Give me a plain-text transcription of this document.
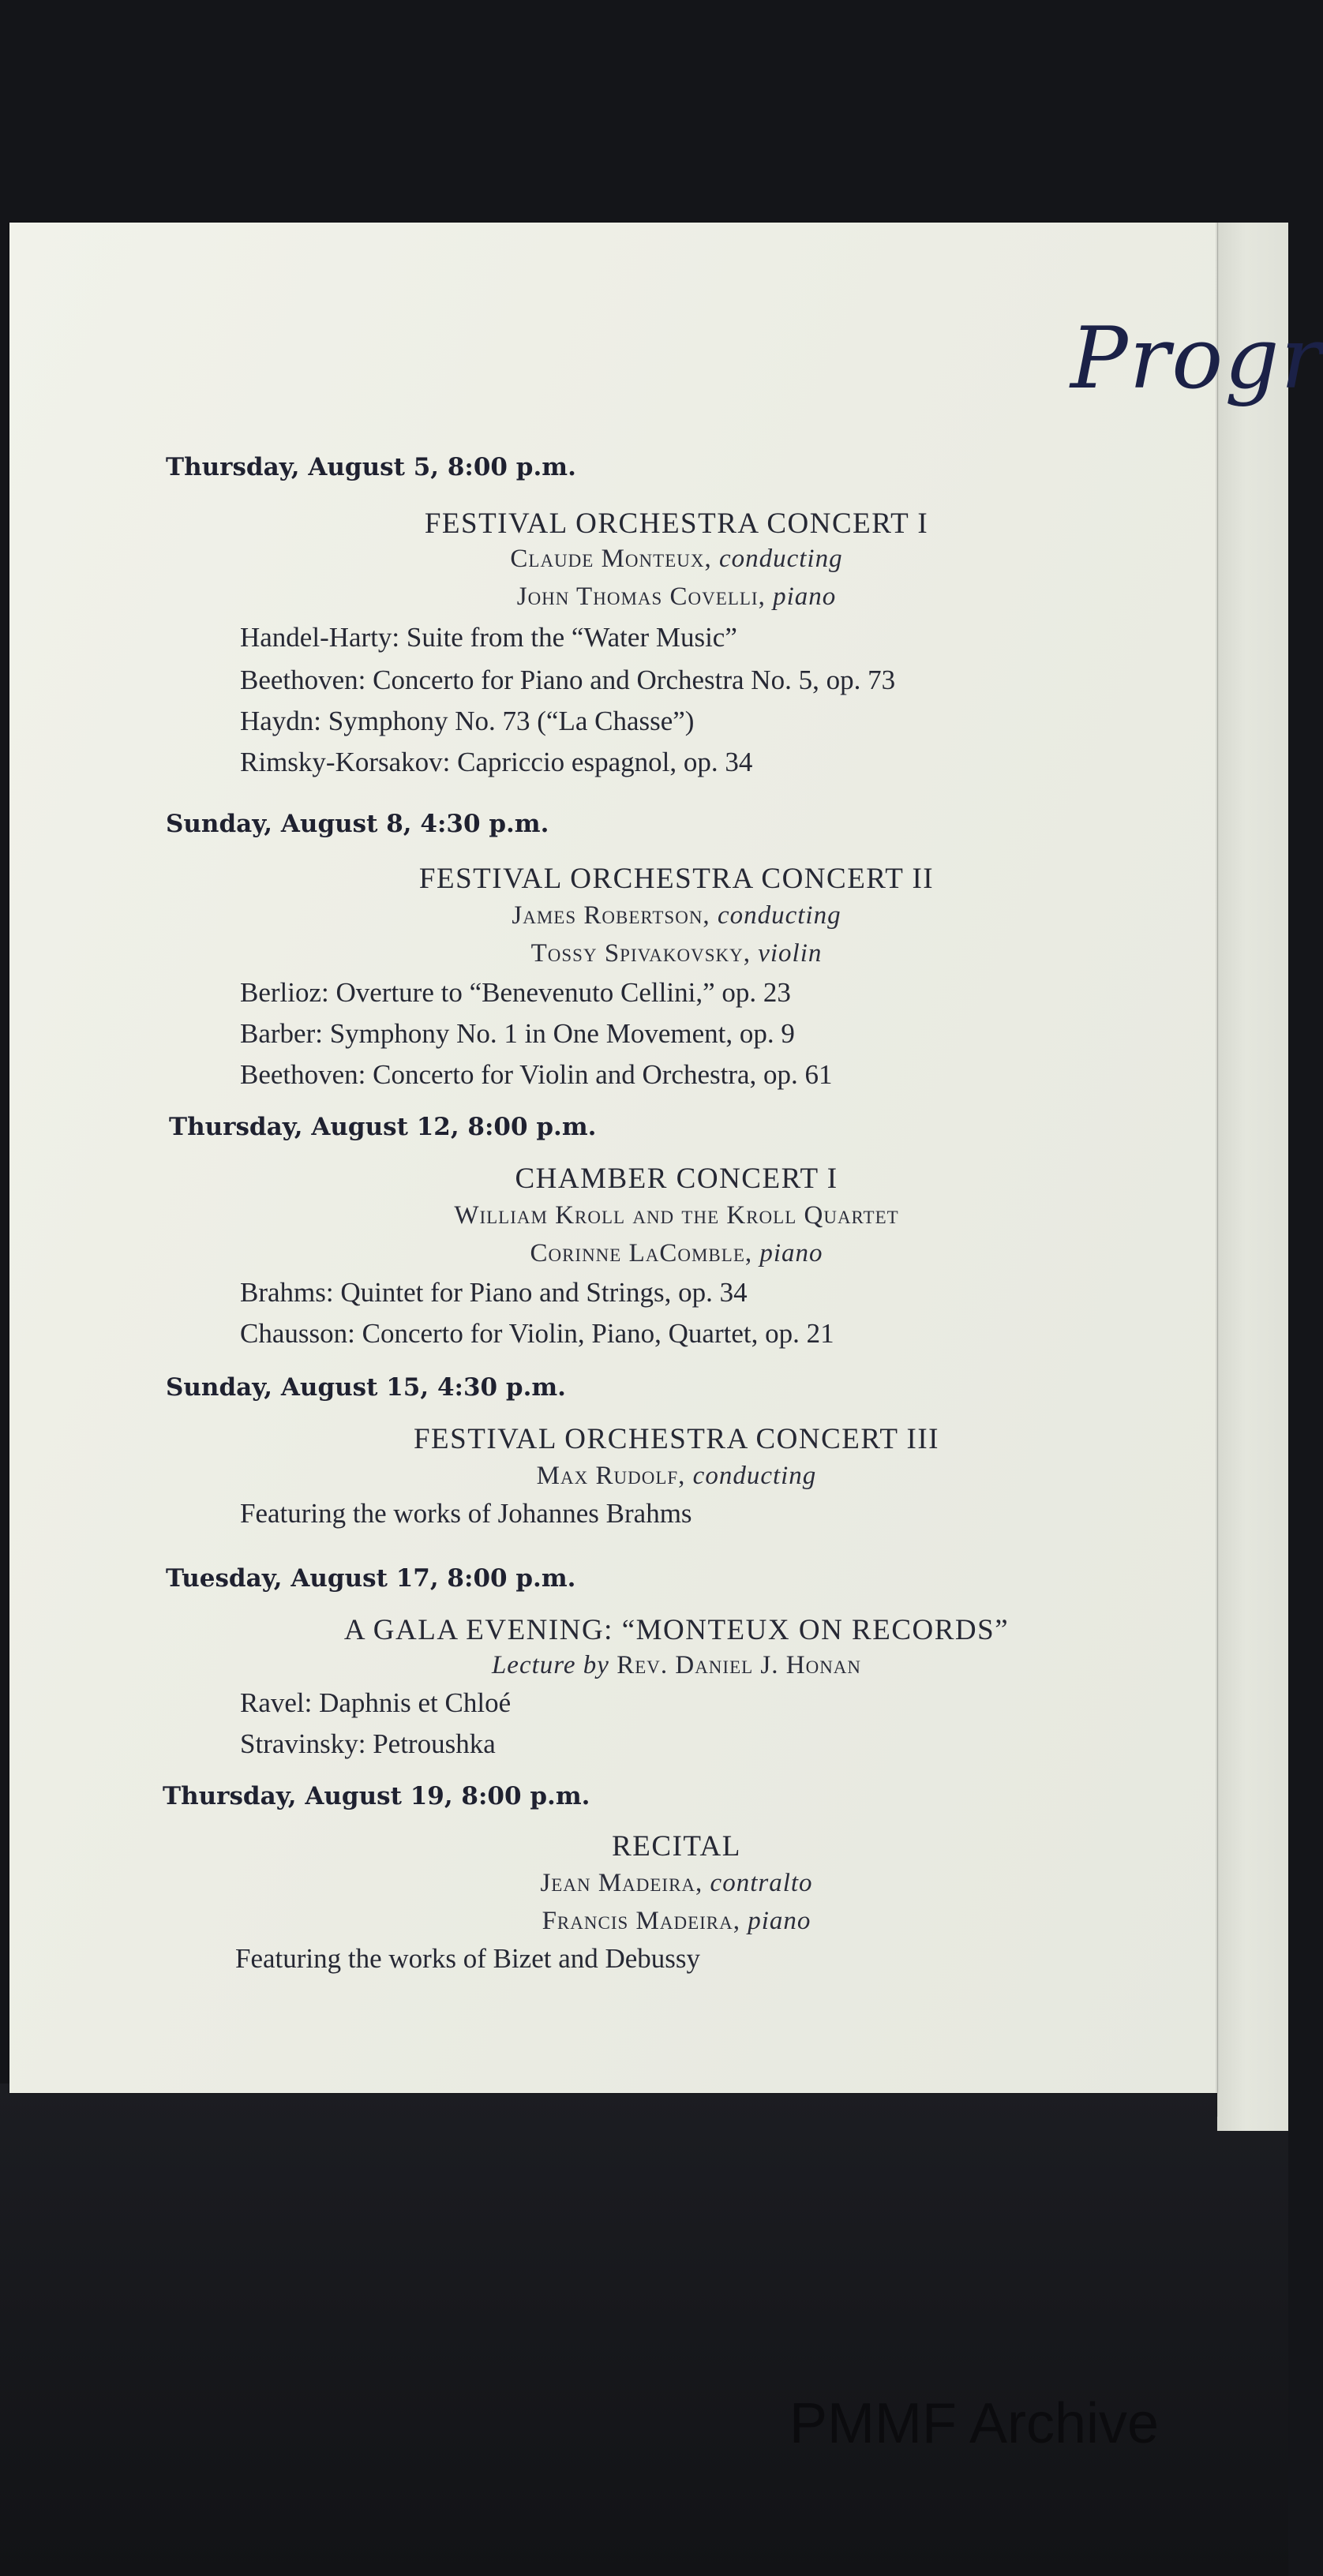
Thursday, August 5, 8:00 p.m.
FESTIVAL ORCHESTRA CONCERT I
Claude Monteux, conducting
John Thomas Covelli, piano
Handel-Harty: Suite from the “Water Music”
Beethoven: Concerto for Piano and Orchestra No. 5, op. 73
Haydn: Symphony No. 73 (“La Chasse”)
Rimsky-Korsakov: Capriccio espagnol, op. 34
Sunday, August 8, 4:30 p.m.
FESTIVAL ORCHESTRA CONCERT II
James Robertson, conducting
Tossy Spivakovsky, violin
Berlioz: Overture to “Benevenuto Cellini,” op. 23
Barber: Symphony No. 1 in One Movement, op. 9
Beethoven: Concerto for Violin and Orchestra, op. 61
Thursday, August 12, 8:00 p.m.
CHAMBER CONCERT I
William Kroll and the Kroll Quartet
Corinne LaComble, piano
Brahms: Quintet for Piano and Strings, op. 34
Chausson: Concerto for Violin, Piano, Quartet, op. 21
Sunday, August 15, 4:30 p.m.
FESTIVAL ORCHESTRA CONCERT III
Max Rudolf, conducting
Featuring the works of Johannes Brahms
Tuesday, August 17, 8:00 p.m.
A GALA EVENING: “MONTEUX ON RECORDS”
Lecture by Rev. Daniel J. Honan
Ravel: Daphnis et Chloé
Stravinsky: Petroushka
Thursday, August 19, 8:00 p.m.
RECITAL
Jean Madeira, contralto
Francis Madeira, piano
Featuring the works of Bizet and Debussy
Progr
PMMF Archive
